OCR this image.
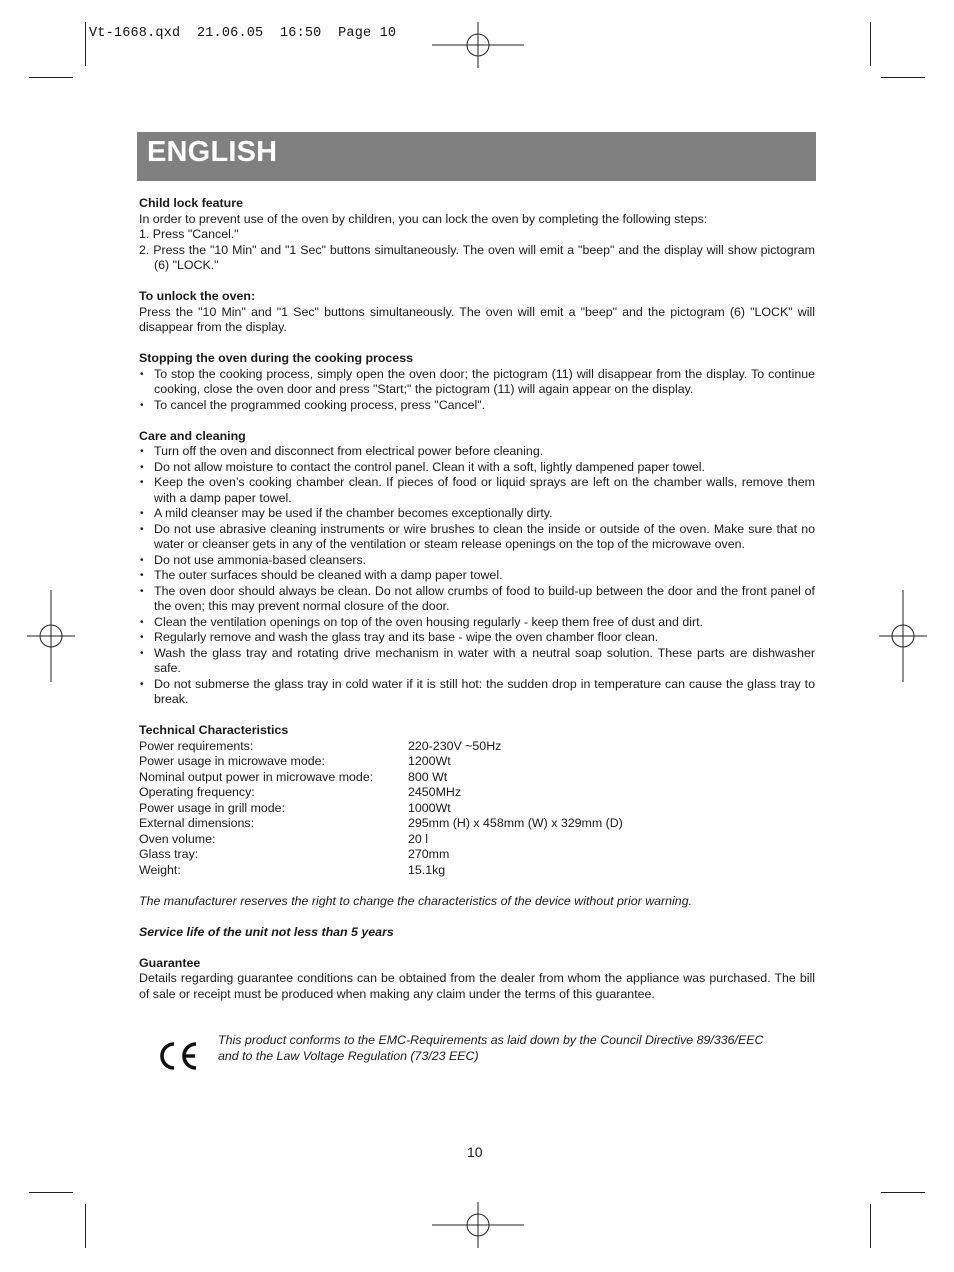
Vt-1668.qxd 21.06.05 16:50 Page 10
ENGLISH

Child lock feature

In order to prevent use of the oven by children, you can lock the oven by completing the following steps:

1. Press "Cancel."

2. Press the "10 Min" and "1 Sec" buttons simultaneously. The oven will emit a "beep" and the display will show pictogram (6) "LOCK."

To unlock the oven:

Press the "10 Min" and "1 Sec" buttons simultaneously. The oven will emit a "beep" and the pictogram (6) "LOCK" will disappear from the display.

Stopping the oven during the cooking process

• To stop the cooking process, simply open the oven door; the pictogram (11) will disappear from the display. To continue cooking, close the oven door and press "Start;" the pictogram (11) will again appear on the display.
• To cancel the programmed cooking process, press "Cancel".

Care and cleaning

• Turn off the oven and disconnect from electrical power before cleaning.
• Do not allow moisture to contact the control panel. Clean it with a soft, lightly dampened paper towel.
• Keep the oven’s cooking chamber clean. If pieces of food or liquid sprays are left on the chamber walls, remove them with a damp paper towel.
• A mild cleanser may be used if the chamber becomes exceptionally dirty.
• Do not use abrasive cleaning instruments or wire brushes to clean the inside or outside of the oven. Make sure that no water or cleanser gets in any of the ventilation or steam release openings on the top of the microwave oven.
• Do not use ammonia-based cleansers.
• The outer surfaces should be cleaned with a damp paper towel.
• The oven door should always be clean. Do not allow crumbs of food to build-up between the door and the front panel of the oven; this may prevent normal closure of the door.
• Clean the ventilation openings on top of the oven housing regularly - keep them free of dust and dirt.
• Regularly remove and wash the glass tray and its base - wipe the oven chamber floor clean.
• Wash the glass tray and rotating drive mechanism in water with a neutral soap solution. These parts are dishwasher safe.
• Do not submerse the glass tray in cold water if it is still hot: the sudden drop in temperature can cause the glass tray to break.

Technical Characteristics

Power requirements:	220-230V ~50Hz
Power usage in microwave mode:	1200Wt
Nominal output power in microwave mode:	800 Wt
Operating frequency:	2450MHz
Power usage in grill mode:	1000Wt
External dimensions:	295mm (H) x 458mm (W) x 329mm (D)
Oven volume:	20 l
Glass tray:	270mm
Weight:	15.1kg

The manufacturer reserves the right to change the characteristics of the device without prior warning.

Service life of the unit not less than 5 years

Guarantee

Details regarding guarantee conditions can be obtained from the dealer from whom the appliance was purchased. The bill of sale or receipt must be produced when making any claim under the terms of this guarantee.

This product conforms to the EMC-Requirements as laid down by the Council Directive 89/336/EEC
and to the Law Voltage Regulation (73/23 EEC)
10
